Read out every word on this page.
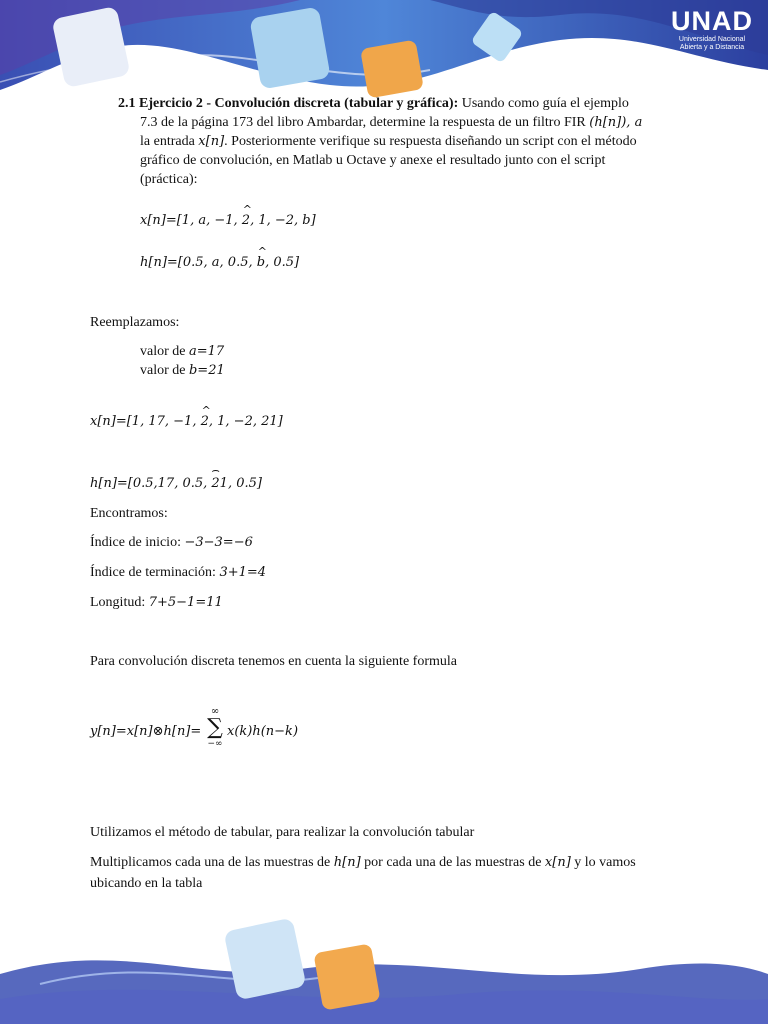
UNAD
Universidad Nacional
Abierta y a Distancia
2.1 Ejercicio 2 - Convolución discreta (tabular y gráfica): Usando como guía el ejemplo
7.3 de la página 173 del libro Ambardar, determine la respuesta de un filtro FIR (h[n]), a
la entrada x[n]. Posteriormente verifique su respuesta diseñando un script con el método
gráfico de convolución, en Matlab u Octave y anexe el resultado junto con el script
(práctica):
x[n]=[1, a, −1, ^ 2, 1, −2, b]
h[n]=[0.5, a, 0.5, ^ b, 0.5]
Reemplazamos:
valor de a=17
valor de b=21
x[n]=[1, 17, −1, ^ 2, 1, −2, 21]
h[n]=[0.5,17, 0.5, ⌢ 21, 0.5]
Encontramos:
Índice de inicio: −3−3=−6
Índice de terminación: 3+1=4
Longitud: 7+5−1=11
Para convolución discreta tenemos en cuenta la siguiente formula
y[n]=x[n]⊗h[n]=
∞
∑
−∞
x(k)h(n−k)
Utilizamos el método de tabular, para realizar la convolución tabular
Multiplicamos cada una de las muestras de h[n] por cada una de las muestras de x[n] y lo vamos
ubicando en la tabla
